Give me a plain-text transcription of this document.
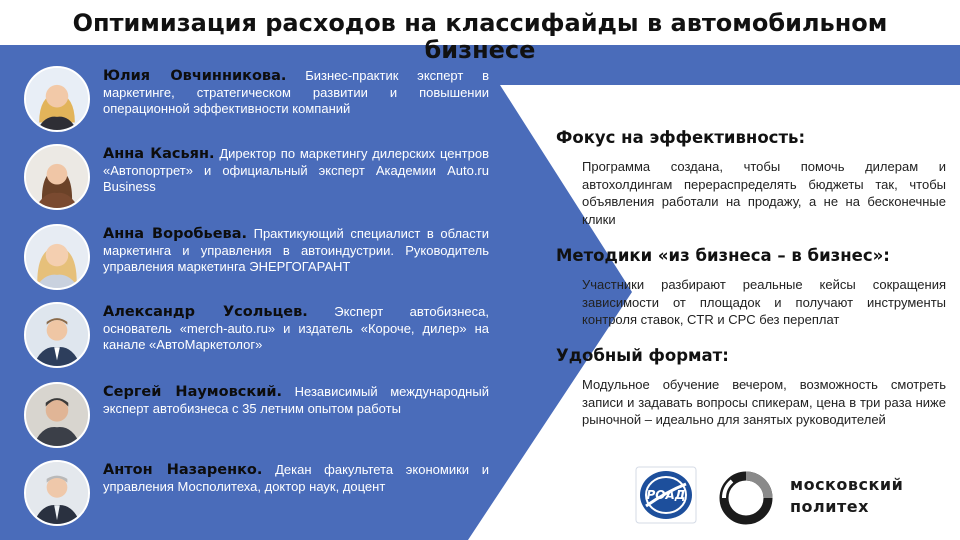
Оптимизация расходов на классифайды в автомобильном бизнесе
Юлия Овчинникова. Бизнес-практик эксперт в маркетинге, стратегическом развитии и повышении операционной эффективности компаний
Анна Касьян. Директор по маркетингу дилерских центров «Автопортрет» и официальный эксперт Академии Auto.ru Business
Анна Воробьева. Практикующий специалист в области маркетинга и управления в автоиндустрии. Руководитель управления маркетинга ЭНЕРГОГАРАНТ
Александр Усольцев. Эксперт автобизнеса, основатель «merch-auto.ru» и издатель «Короче, дилер» на канале «АвтоМаркетолог»
Сергей Наумовский. Независимый международный эксперт автобизнеса с 35 летним опытом работы
Антон Назаренко. Декан факультета экономики и управления Мосполитеха, доктор наук, доцент
Фокус на эффективность:

Программа создана, чтобы помочь дилерам и автохолдингам перераспределять бюджеты так, чтобы объявления работали на продажу, а не на бесконечные клики

Методики «из бизнеса – в бизнес»:

Участники разбирают реальные кейсы сокращения зависимости от площадок и получают инструменты контроля ставок, CTR и CPC без переплат

Удобный формат:

Модульное обучение вечером, возможность смотреть записи и задавать вопросы спикерам, цена в три раза ниже рыночной – идеально для занятых руководителей

РОАД
московский
политех
